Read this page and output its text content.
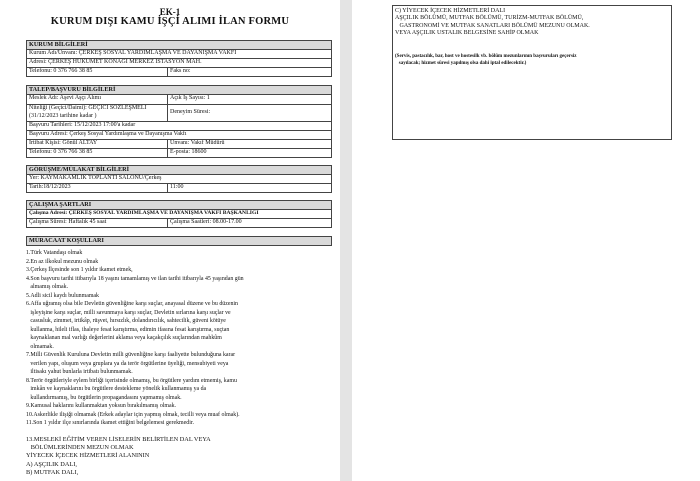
EK-1
KURUM DIŞI KAMU İŞÇİ ALIMI İLAN FORMU
KURUM BİLGİLERİ
Kurum Adı/Unvanı: ÇERKEŞ SOSYAL YARDIMLAŞMA VE DAYANIŞMA VAKFI
Adresi: ÇERKEŞ HÜKÜMET KONAĞI MERKEZ İSTASYON MAH.
Telefonu: 0 376 766 38 85	Faks no:
TALEP/BAŞVURU BİLGİLERİ
Meslek Adı: Aşevi Aşçı Alımı	Açık İş Sayısı: 1
Niteliği (Geçici/Daimi): GEÇİCİ SÖZLEŞMELİ
(31/12/2023 tarihine kadar )
Deneyim Süresi:
Başvuru Tarihleri: 15/12/2023 17:00'a kadar
Başvuru Adresi: Çerkeş Sosyal Yardımlaşma ve Dayanışma Vakfı
İrtibat Kişisi: Gönül ALTAY	Unvanı: Vakıf Müdürü
Telefonu: 0 376 766 38 85	E-posta: 18600
GÖRÜŞME/MÜLAKAT BİLGİLERİ
Yer: KAYMAKAMLIK TOPLANTI SALONU/Çerkeş
Tarih:18/12/2023	11:00
ÇALIŞMA ŞARTLARI
Çalışma Adresi: ÇERKEŞ SOSYAL YARDIMLAŞMA VE DAYANIŞMA VAKFI BAŞKANLIĞI
Çalışma Süresi: Haftalık 45 saat	Çalışma Saatleri: 08.00-17.00
MÜRACAAT KOŞULLARI
1.Türk Vatandaşı olmak
2.En az ilkokul mezunu olmak
3.Çerkeş İlçesinde son 1 yıldır ikamet etmek,
4.Son başvuru tarihi itibarıyla 18 yaşını tamamlamış ve ilan tarihi itibarıyla 45 yaşından gün
almamış olmak.
5.Adli sicil kaydı bulunmamak
6.Affa uğramış olsa bile Devletin güvenliğine karşı suçlar, anayasal düzene ve bu düzenin
işleyişine karşı suçlar, milli savunmaya karşı suçlar, Devletin sırlarına karşı suçlar ve
casusluk, zimmet, irtikâp, rüşvet, hırsızlık, dolandırıcılık, sahtecilik, güveni kötüye
kullanma, hileli iflas, ihaleye fesat karıştırma, edimin ifasına fesat karıştırma, suçtan
kaynaklanan mal varlığı değerlerini aklama veya kaçakçılık suçlarından mahkûm
olmamak.
7.Milli Güvenlik Kuruluna Devletin milli güvenliğine karşı faaliyette bulunduğuna karar
verilen yapı, oluşum veya gruplara ya da terör örgütlerine üyeliği, mensubiyeti veya
iltisakı yahut bunlarla irtibatı bulunmamak.
8.Terör örgütleriyle eylem birliği içerisinde olmamış, bu örgütlere yardım etmemiş, kamu
imkân ve kaynaklarını bu örgütlere destekleme yönelik kullanmamış ya da
kullandırmamış, bu örgütlerin propagandasını yapmamış olmak.
9.Kamusal haklarını kullanmaktan yoksun bırakılmamış olmak.
10.Askerlikle ilişiği olmamak (Erkek adaylar için yapmış olmak, tecilli veya muaf olmak).
11.Son 1 yıldır ilçe sınırlarında ikamet ettiğini belgelemesi gerekmedir.
13.MESLEKİ EĞİTİM VEREN LİSELERİN BELİRTİLEN DAL VEYA
BÖLÜMLERİNDEN MEZUN OLMAK
YİYECEK İÇECEK HİZMETLERİ ALANININ
A) AŞÇILIK DALI,
B) MUTFAK DALI,
C) YİYECEK İÇECEK HİZMETLERİ DALI
AŞÇILIK BÖLÜMÜ, MUTFAK BÖLÜMÜ, TURİZM-MUTFAK BÖLÜMÜ,
GASTRONOMİ VE MUTFAK SANATLARI BÖLÜMÜ MEZUNU OLMAK.
VEYA AŞÇILIK USTALIK BELGESİNE SAHİP OLMAK
(Servis, pastacılık, bar, host ve hostesilk vb. bölüm mezunlarının başvuruları geçersiz
sayılacak; hizmet süresi yapılmış olsa dahi iptal edilecektir.)
